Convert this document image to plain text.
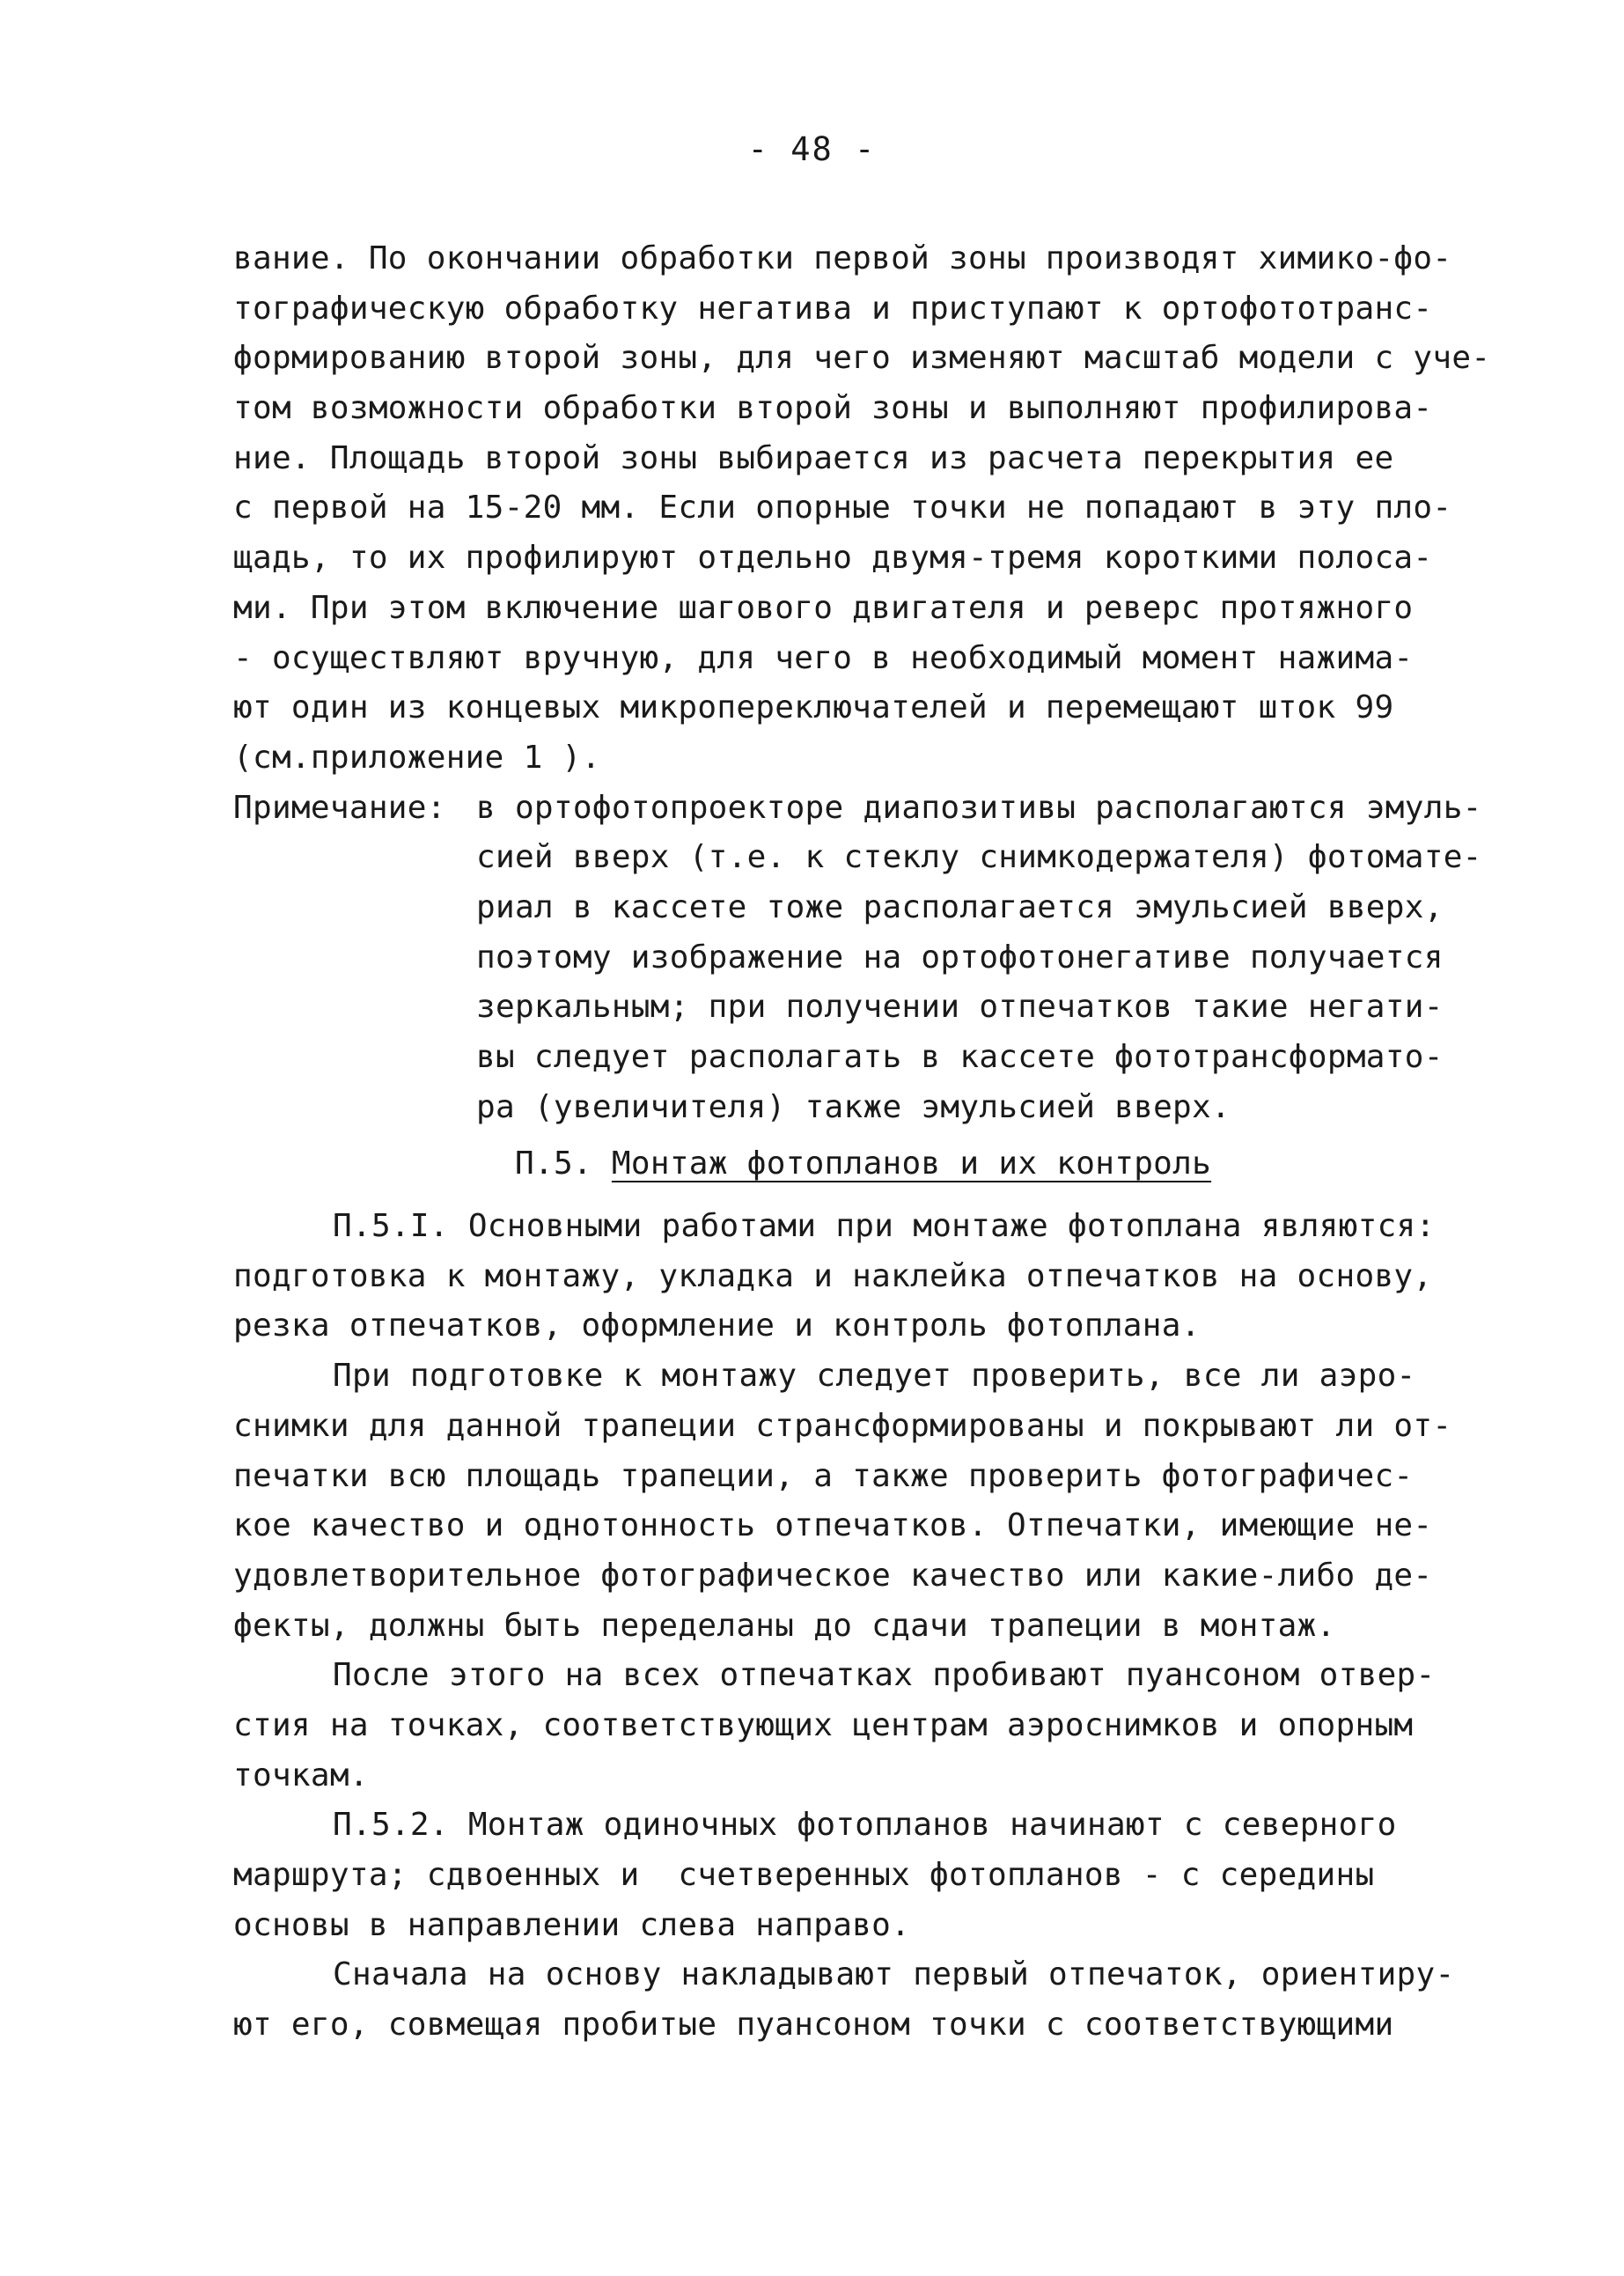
- 48 -
вание. По окончании обработки первой зоны производят химико-фо-
тографическую обработку негатива и приступают к ортофототранс-
формированию второй зоны, для чего изменяют масштаб модели с уче-
том возможности обработки второй зоны и выполняют профилирова-
ние. Площадь второй зоны выбирается из расчета перекрытия ее
с первой на 15-20 мм. Если опорные точки не попадают в эту пло-
щадь, то их профилируют отдельно двумя-тремя короткими полоса-
ми. При этом включение шагового двигателя и реверс протяжного
- осуществляют вручную, для чего в необходимый момент нажима-
ют один из концевых микропереключателей и перемещают шток 99
(см.приложение 1 ).
Примечание: в ортофотопроекторе диапозитивы располагаются эмуль-
сией вверх (т.е. к стеклу снимкодержателя) фотомате-
риал в кассете тоже располагается эмульсией вверх,
поэтому изображение на ортофотонегативе получается
зеркальным; при получении отпечатков такие негати-
вы следует располагать в кассете фототрансформато-
ра (увеличителя) также эмульсией вверх.
П.5. Монтаж фотопланов и их контроль
П.5.I. Основными работами при монтаже фотоплана являются:
подготовка к монтажу, укладка и наклейка отпечатков на основу,
резка отпечатков, оформление и контроль фотоплана.
При подготовке к монтажу следует проверить, все ли аэро-
снимки для данной трапеции странсформированы и покрывают ли от-
печатки всю площадь трапеции, а также проверить фотографичес-
кое качество и однотонность отпечатков. Отпечатки, имеющие не-
удовлетворительное фотографическое качество или какие-либо де-
фекты, должны быть переделаны до сдачи трапеции в монтаж.
После этого на всех отпечатках пробивают пуансоном отвер-
стия на точках, соответствующих центрам аэроснимков и опорным
точкам.
П.5.2. Монтаж одиночных фотопланов начинают с северного
маршрута; сдвоенных и  счетверенных фотопланов - с середины
основы в направлении слева направо.
Сначала на основу накладывают первый отпечаток, ориентиру-
ют его, совмещая пробитые пуансоном точки с соответствующими
